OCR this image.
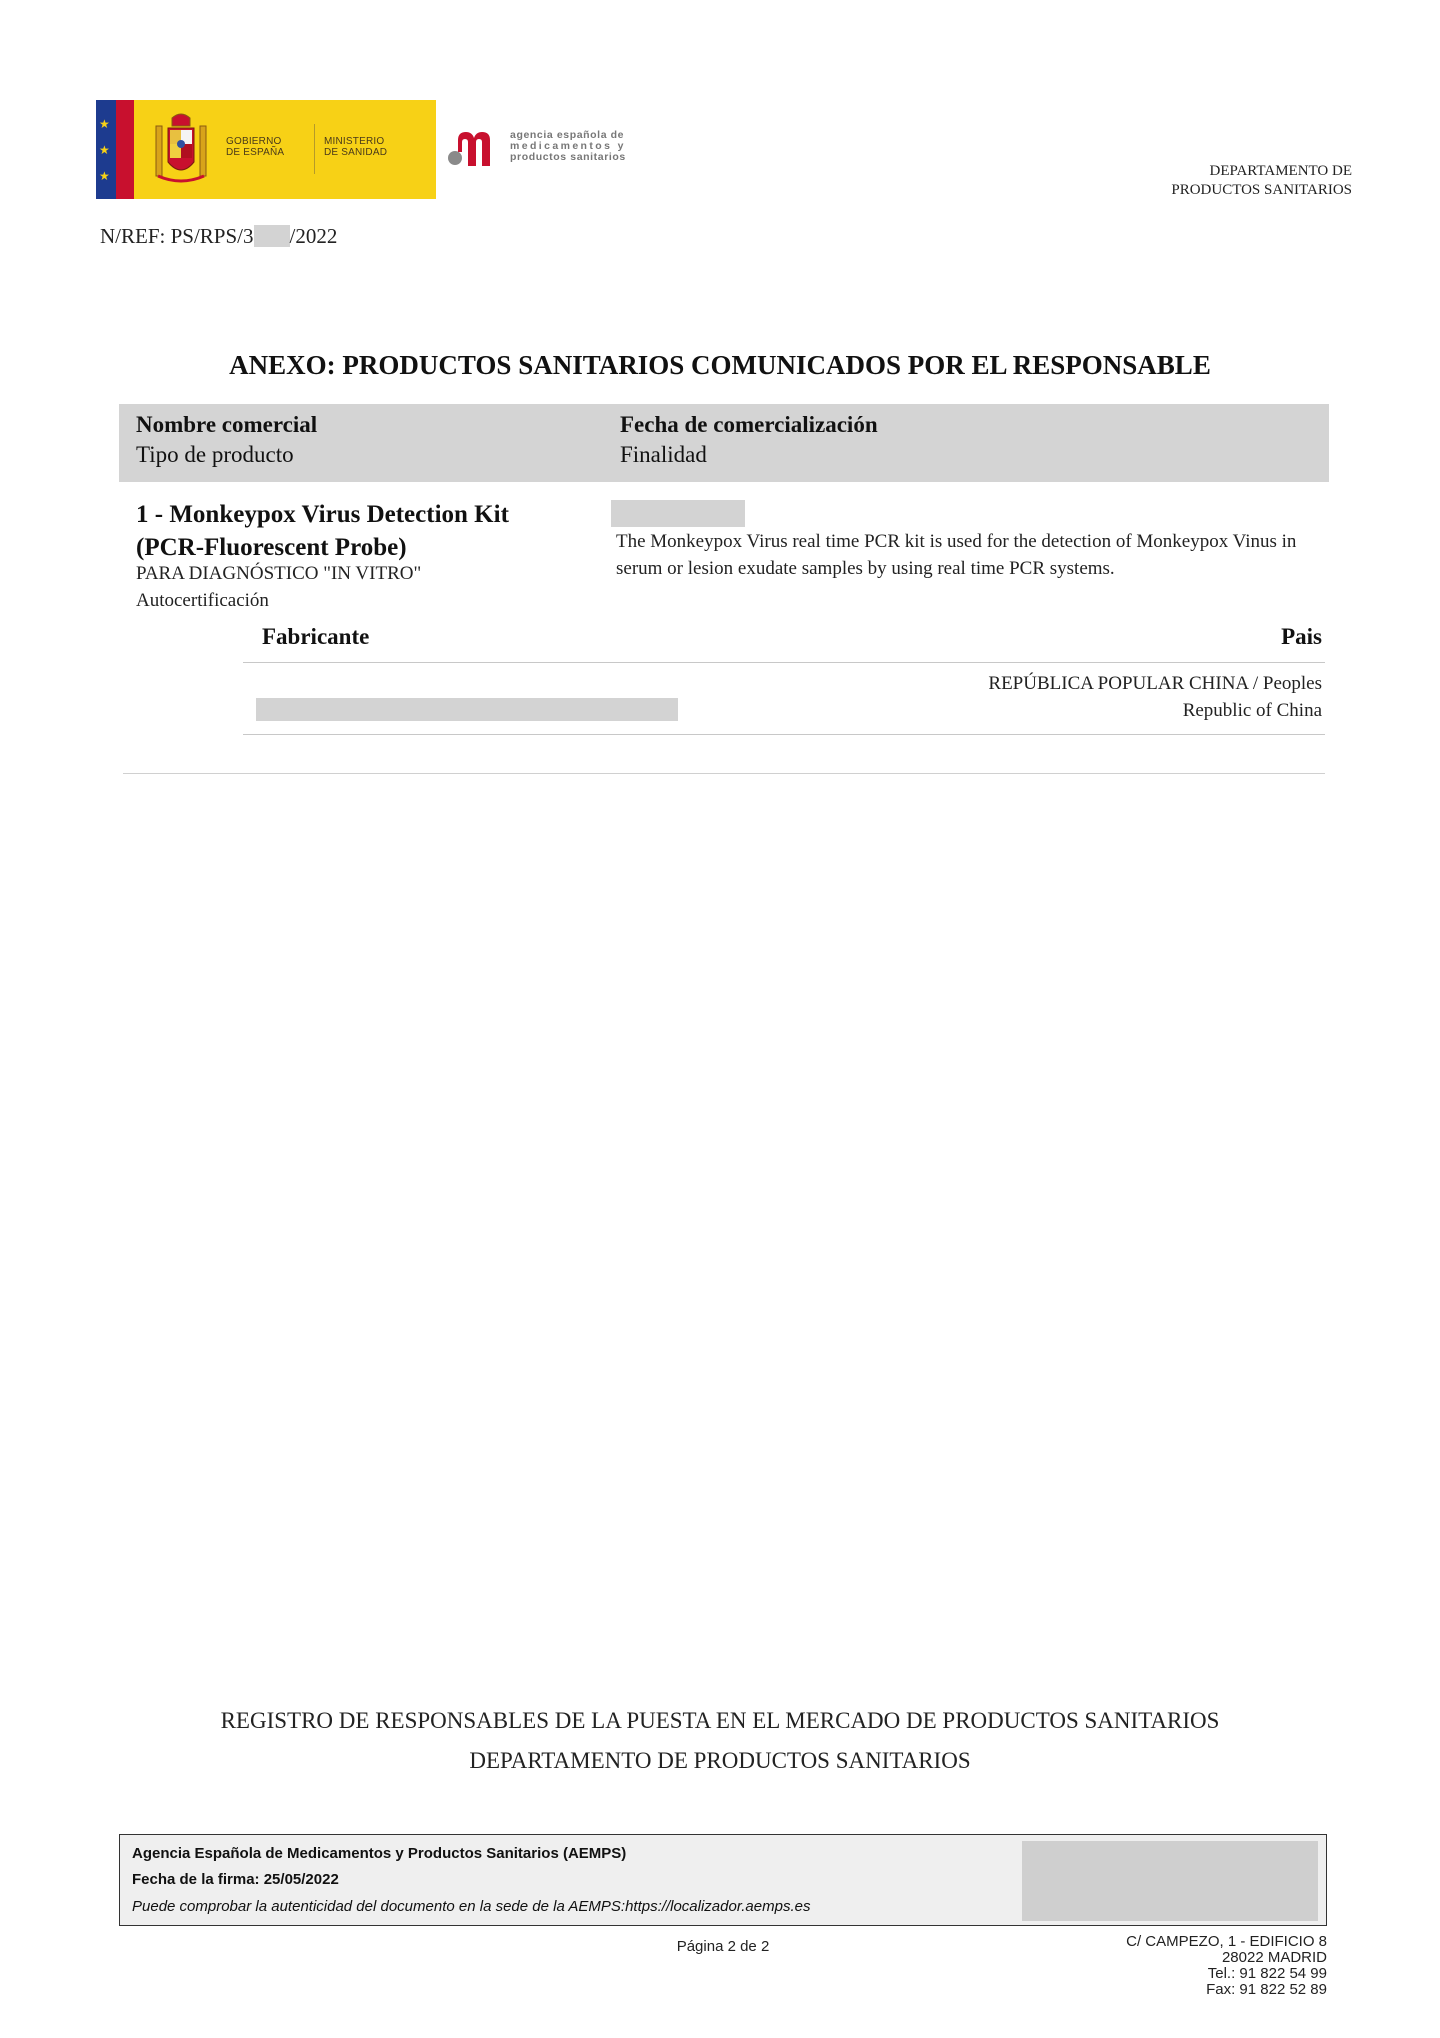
★
★
★
GOBIERNO
DE ESPAÑA
MINISTERIO
DE SANIDAD
agencia española de
medicamentos y
productos sanitarios
DEPARTAMENTO DE
PRODUCTOS SANITARIOS
N/REF: PS/RPS/3 /2022
ANEXO: PRODUCTOS SANITARIOS COMUNICADOS POR EL RESPONSABLE
Nombre comercial
Tipo de producto
Fecha de comercialización
Finalidad
1 - Monkeypox Virus Detection Kit
(PCR-Fluorescent Probe)
PARA DIAGNÓSTICO "IN VITRO"
Autocertificación
The Monkeypox Virus real time PCR kit is used for the detection of Monkeypox Vinus in serum or lesion exudate samples by using real time PCR systems.
Fabricante	Pais
REPÚBLICA POPULAR CHINA / Peoples
Republic of China
REGISTRO DE RESPONSABLES DE LA PUESTA EN EL MERCADO DE PRODUCTOS SANITARIOS
DEPARTAMENTO DE PRODUCTOS SANITARIOS
Agencia Española de Medicamentos y Productos Sanitarios (AEMPS)
Fecha de la firma: 25/05/2022
Puede comprobar la autenticidad del documento en la sede de la AEMPS:https://localizador.aemps.es
Página 2 de 2	C/ CAMPEZO, 1 - EDIFICIO 8
28022 MADRID
Tel.: 91 822 54 99
Fax: 91 822 52 89
